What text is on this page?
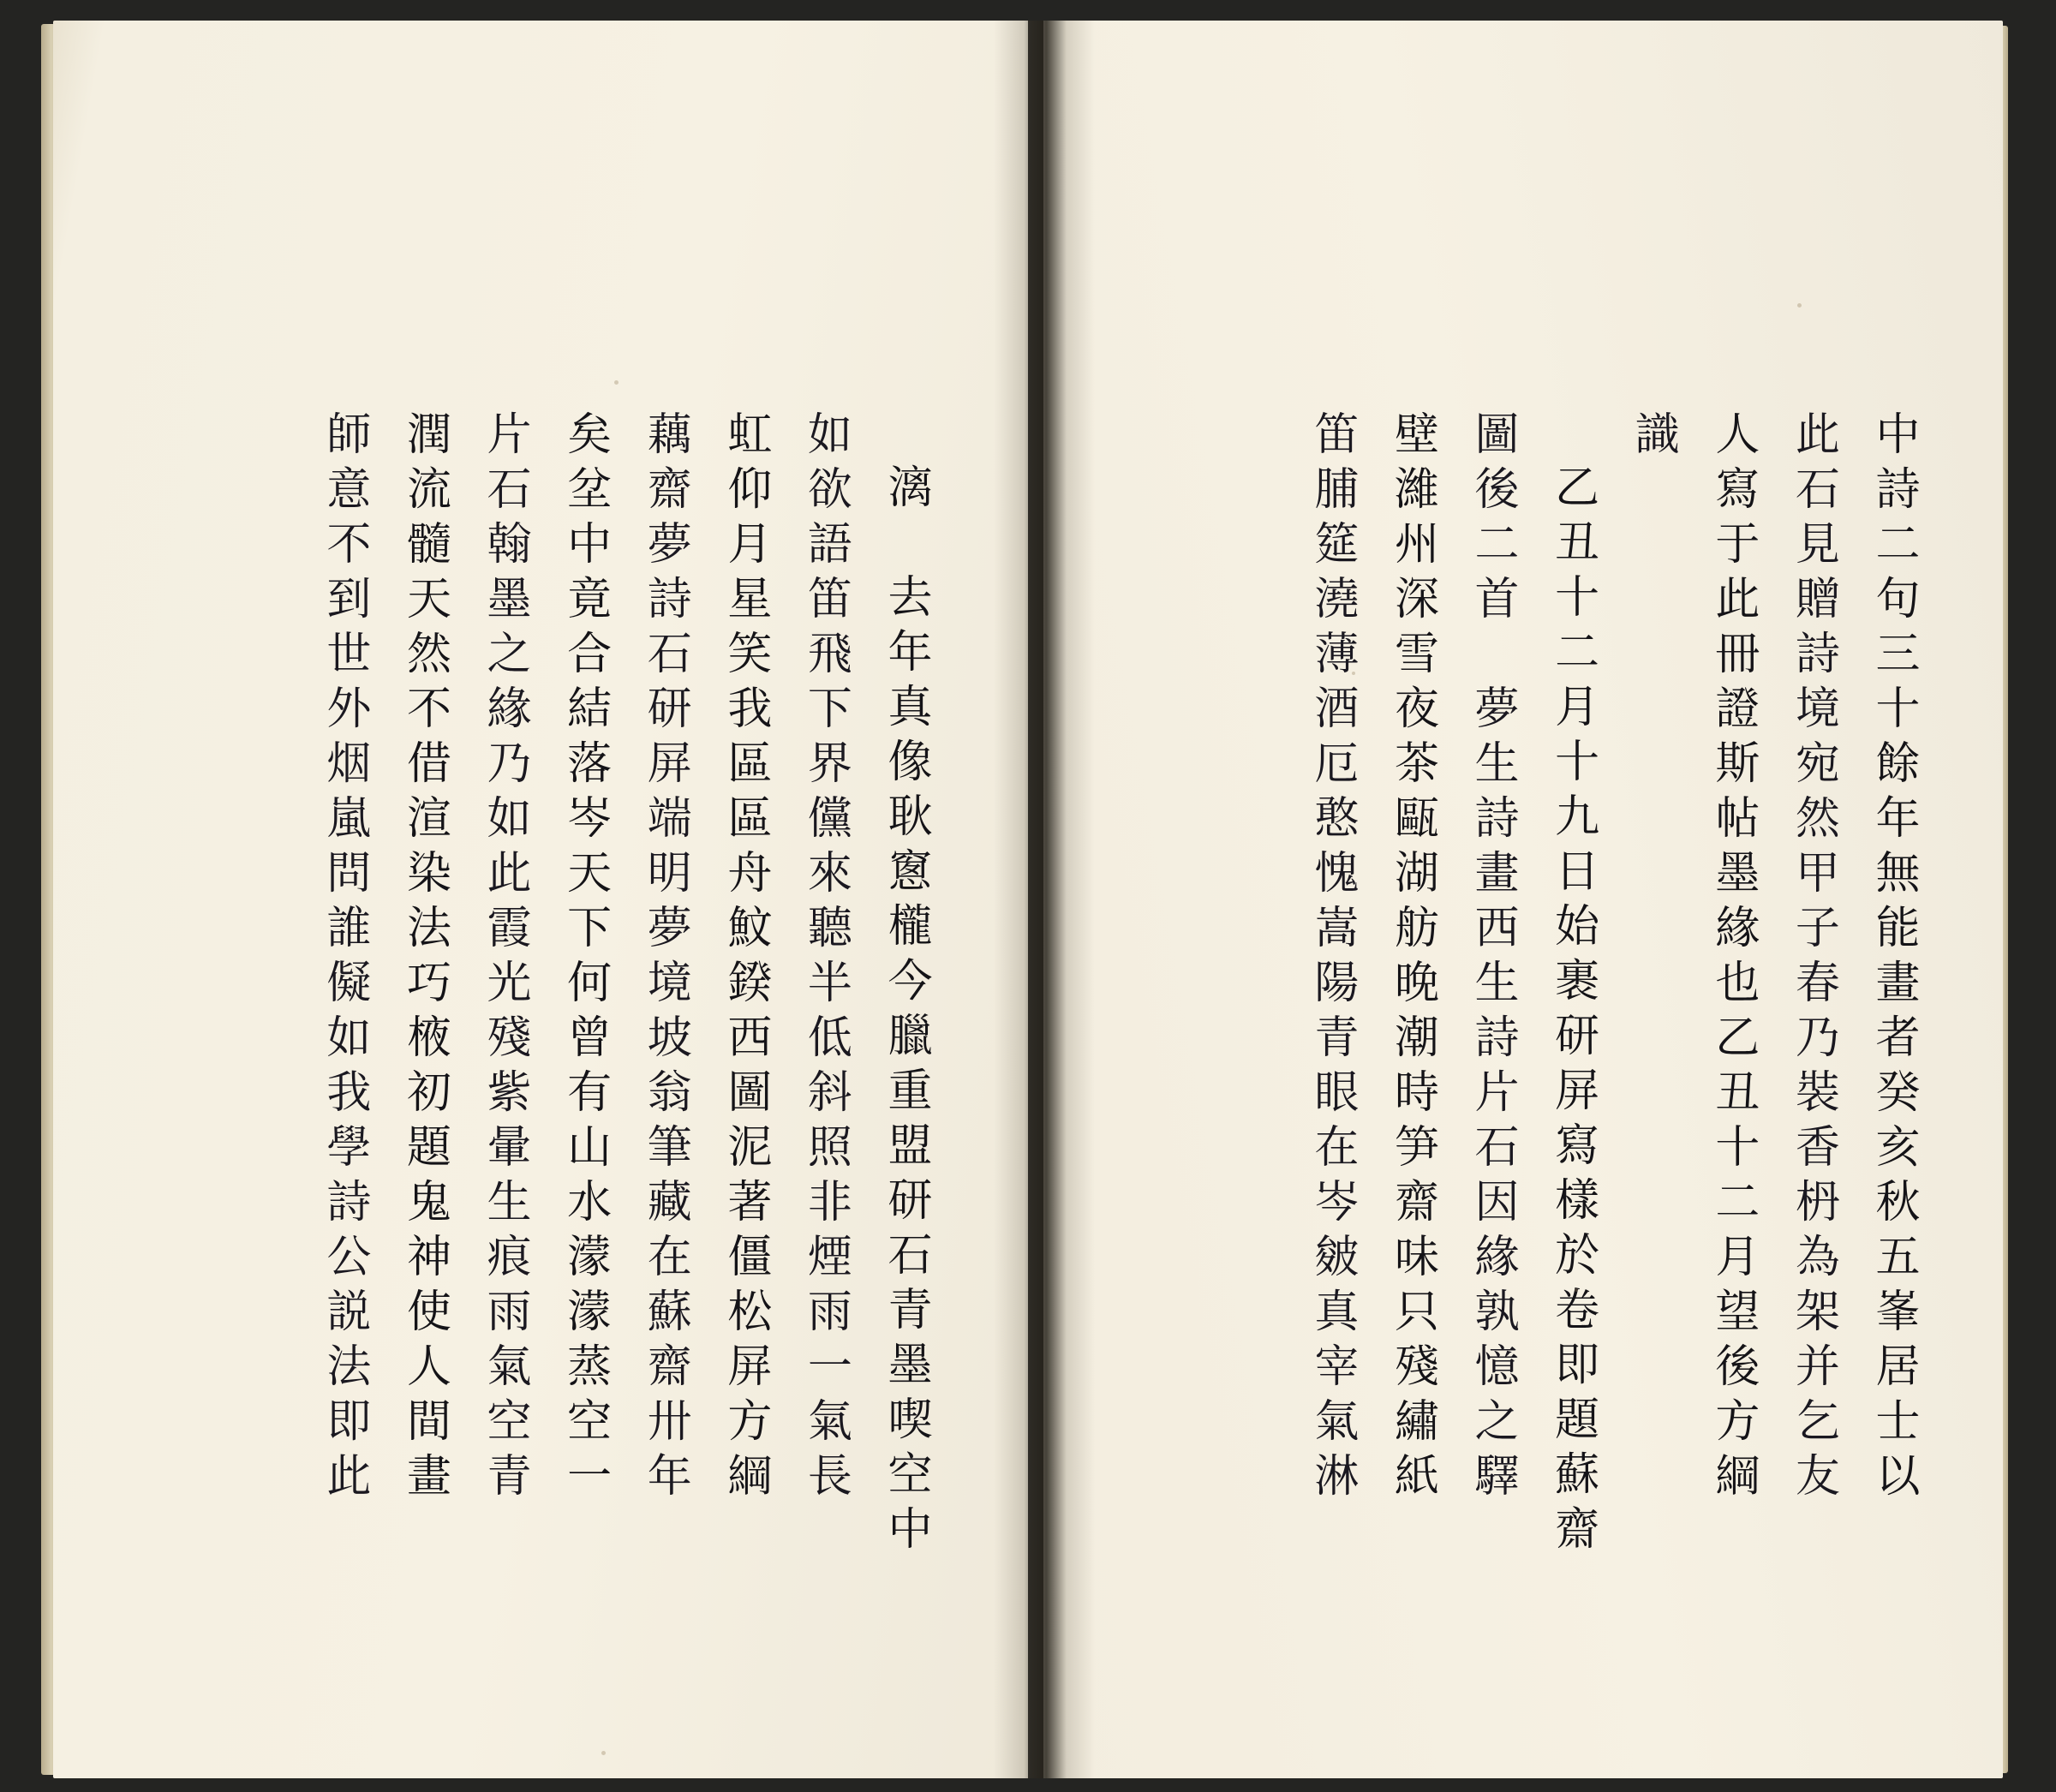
中詩二句三十餘年無能畫者癸亥秋五峯居士以
此石見贈詩境宛然甲子春乃裝香枬為架并乞友
人寫于此冊證斯帖墨緣也乙丑十二月望後方綱
識
乙丑十二月十九日始裹研屏寫樣於卷即題蘇齋
圖後二首　夢生詩畫西生詩片石因緣孰憶之驛
壁濰州深雪夜茶甌湖舫晚潮時笋齋味只殘繡紙
笛脯筵澆薄酒厄憨愧嵩陽青眼在岑皴真宰氣淋
漓　去年真像耿窻櫳今臘重盟研石青墨喫空中
如欲語笛飛下界儻來聽半低斜照非煙雨一氣長
虹仰月星笑我區區舟魰鍨西圖泥著僵松屏方綱
藕齋夢詩石研屏端明夢境坡翁筆藏在蘇齋卅年
矣坌中竟合結落岑天下何曾有山水濛濛蒸空一
片石翰墨之緣乃如此霞光殘紫暈生痕雨氣空青
潤流髓天然不借渲染法巧棭初題鬼神使人間畫
師意不到世外烟嵐問誰儗如我學詩公説法即此
